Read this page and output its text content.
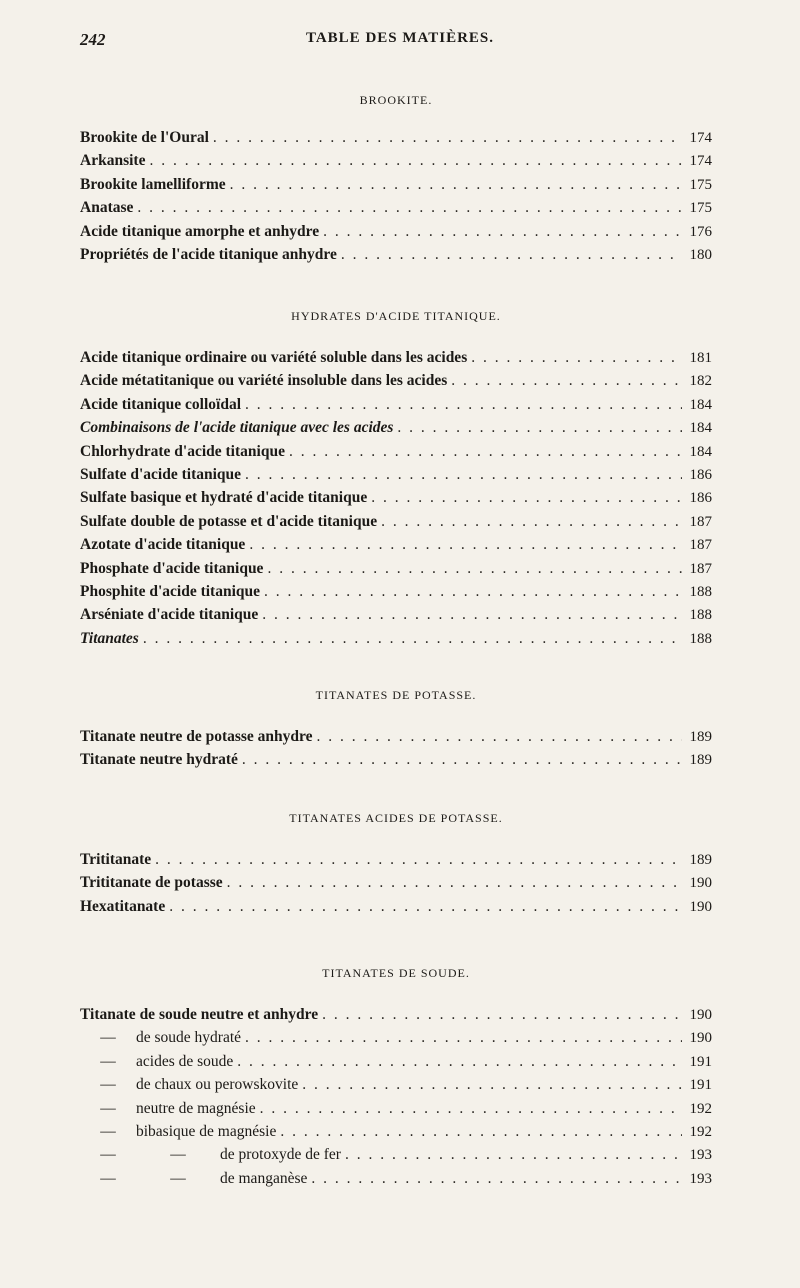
242	TABLE DES MATIÈRES.
BROOKITE.
Brookite de l'Oural . . .	174
Arkansite . . .	174
Brookite lamelliforme . . .	175
Anatase . . .	175
Acide titanique amorphe et anhydre . . .	176
Propriétés de l'acide titanique anhydre . . .	180
HYDRATES D'ACIDE TITANIQUE.
Acide titanique ordinaire ou variété soluble dans les acides . . .	181
Acide métatitanique ou variété insoluble dans les acides . . .	182
Acide titanique colloïdal . . .	184
Combinaisons de l'acide titanique avec les acides . . .	184
Chlorhydrate d'acide titanique . . .	184
Sulfate d'acide titanique . . .	186
Sulfate basique et hydraté d'acide titanique . . .	186
Sulfate double de potasse et d'acide titanique . . .	187
Azotate d'acide titanique . . .	187
Phosphate d'acide titanique . . .	187
Phosphite d'acide titanique . . .	188
Arséniate d'acide titanique . . .	188
Titanates . . .	188
TITANATES DE POTASSE.
Titanate neutre de potasse anhydre . . .	189
Titanate neutre hydraté . . .	189
TITANATES ACIDES DE POTASSE.
Trititanate . . .	189
Trititanate de potasse . . .	190
Hexatitanate . . .	190
TITANATES DE SOUDE.
Titanate de soude neutre et anhydre . . .	190
— de soude hydraté . . .	190
— acides de soude . . .	191
— de chaux ou perowskovite . . .	191
— neutre de magnésie . . .	192
— bibasique de magnésie . . .	192
—	— de protoxyde de fer . . .	193
—	— de manganèse . . .	193
